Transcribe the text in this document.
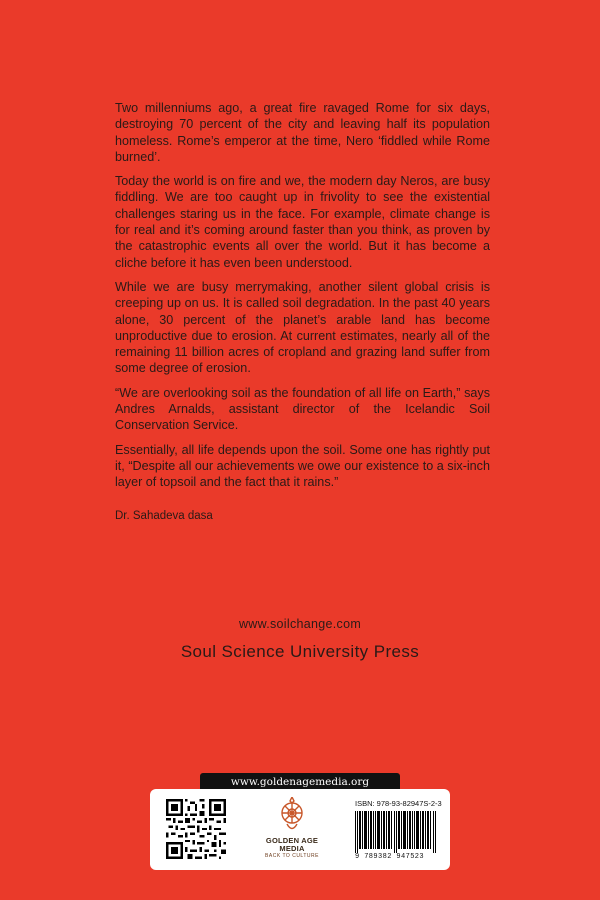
Two millenniums ago, a great fire ravaged Rome for six days, destroying 70 percent of the city and leaving half its population homeless. Rome’s emperor at the time, Nero ‘fiddled while Rome burned’.

Today the world is on fire and we, the modern day Neros, are busy fiddling. We are too caught up in frivolity to see the existential challenges staring us in the face. For example, climate change is for real and it’s coming around faster than you think, as proven by the catastrophic events all over the world. But it has become a cliche before it has even been understood.

While we are busy merrymaking, another silent global crisis is creeping up on us. It is called soil degradation. In the past 40 years alone, 30 percent of the planet’s arable land has become unproductive due to erosion. At current estimates, nearly all of the remaining 11 billion acres of cropland and grazing land suffer from some degree of erosion.

“We are overlooking soil as the foundation of all life on Earth,” says Andres Arnalds, assistant director of the Icelandic Soil Conservation Service.

Essentially, all life depends upon the soil. Some one has rightly put it, “Despite all our achievements we owe our existence to a six-inch layer of topsoil and the fact that it rains.”

Dr. Sahadeva dasa
www.soilchange.com
Soul Science University Press
www.goldenagemedia.org
GOLDEN AGE
MEDIA
BACK TO CULTURE
ISBN: 978-93-82947S-2-3
9 789382 947523
